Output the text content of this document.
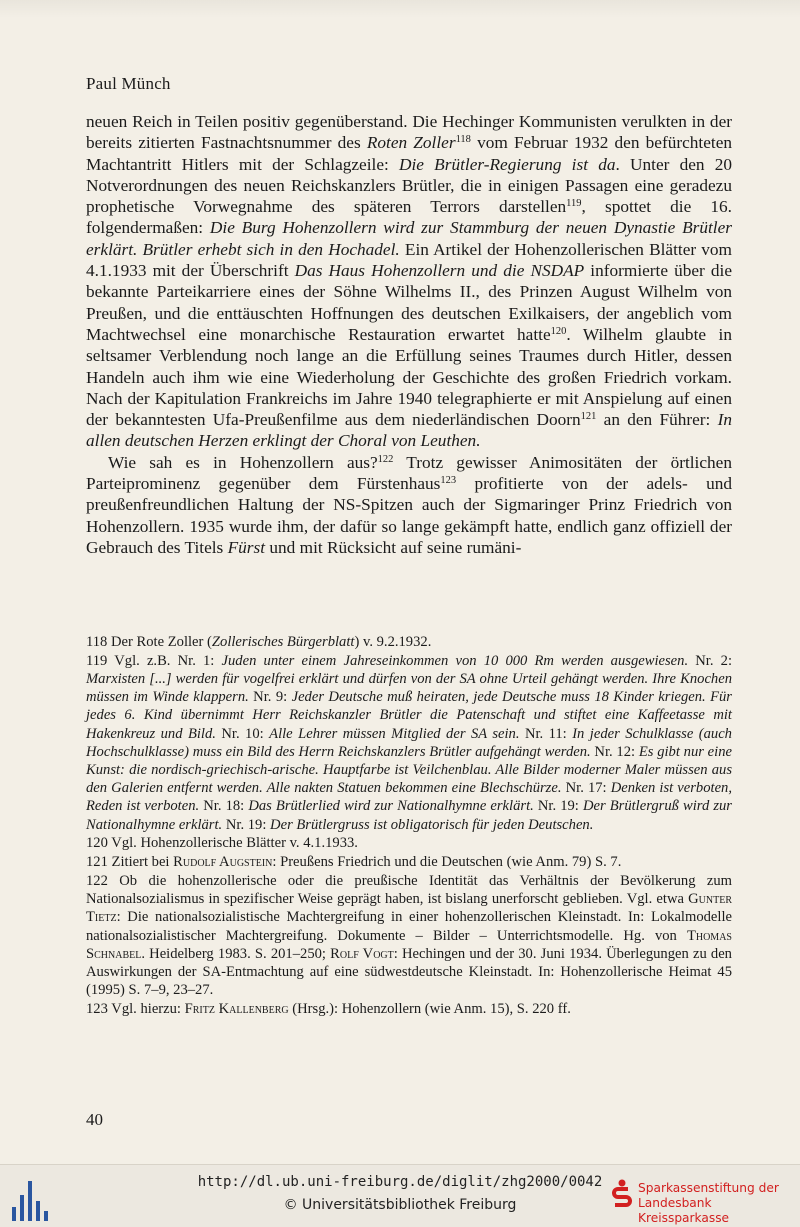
Paul Münch

neuen Reich in Teilen positiv gegenüberstand. Die Hechinger Kommunisten verulkten in der bereits zitierten Fastnachtsnummer des Roten Zoller$^{118}$ vom Februar 1932 den befürchteten Machtantritt Hitlers mit der Schlagzeile: Die Brütler-Regierung ist da. Unter den 20 Notverordnungen des neuen Reichskanzlers Brütler, die in einigen Passagen eine geradezu prophetische Vorwegnahme des späteren Terrors darstellen$^{119}$, spottet die 16. folgendermaßen: Die Burg Hohenzollern wird zur Stammburg der neuen Dynastie Brütler erklärt. Brütler erhebt sich in den Hochadel. Ein Artikel der Hohenzollerischen Blätter vom 4.1.1933 mit der Überschrift Das Haus Hohenzollern und die NSDAP informierte über die bekannte Parteikarriere eines der Söhne Wilhelms II., des Prinzen August Wilhelm von Preußen, und die enttäuschten Hoffnungen des deutschen Exilkaisers, der angeblich vom Machtwechsel eine monarchische Restauration erwartet hatte$^{120}$. Wilhelm glaubte in seltsamer Verblendung noch lange an die Erfüllung seines Traumes durch Hitler, dessen Handeln auch ihm wie eine Wiederholung der Geschichte des großen Friedrich vorkam. Nach der Kapitulation Frankreichs im Jahre 1940 telegraphierte er mit Anspielung auf einen der bekanntesten Ufa-Preußenfilme aus dem niederländischen Doorn$^{121}$ an den Führer: In allen deutschen Herzen erklingt der Choral von Leuthen.

Wie sah es in Hohenzollern aus?$^{122}$ Trotz gewisser Animositäten der örtlichen Parteiprominenz gegenüber dem Fürstenhaus$^{123}$ profitierte von der adels- und preußenfreundlichen Haltung der NS-Spitzen auch der Sigmaringer Prinz Friedrich von Hohenzollern. 1935 wurde ihm, der dafür so lange gekämpft hatte, endlich ganz offiziell der Gebrauch des Titels Fürst und mit Rücksicht auf seine rumäni-

118 Der Rote Zoller (Zollerisches Bürgerblatt) v. 9.2.1932.

119 Vgl. z.B. Nr. 1: Juden unter einem Jahreseinkommen von 10 000 Rm werden ausgewiesen. Nr. 2: Marxisten [...] werden für vogelfrei erklärt und dürfen von der SA ohne Urteil gehängt werden. Ihre Knochen müssen im Winde klappern. Nr. 9: Jeder Deutsche muß heiraten, jede Deutsche muss 18 Kinder kriegen. Für jedes 6. Kind übernimmt Herr Reichskanzler Brütler die Patenschaft und stiftet eine Kaffeetasse mit Hakenkreuz und Bild. Nr. 10: Alle Lehrer müssen Mitglied der SA sein. Nr. 11: In jeder Schulklasse (auch Hochschulklasse) muss ein Bild des Herrn Reichskanzlers Brütler aufgehängt werden. Nr. 12: Es gibt nur eine Kunst: die nordisch-griechisch-arische. Hauptfarbe ist Veilchenblau. Alle Bilder moderner Maler müssen aus den Galerien entfernt werden. Alle nakten Statuen bekommen eine Blechschürze. Nr. 17: Denken ist verboten, Reden ist verboten. Nr. 18: Das Brütlerlied wird zur Nationalhymne erklärt. Nr. 19: Der Brütlergruß wird zur Nationalhymne erklärt. Nr. 19: Der Brütlergruss ist obligatorisch für jeden Deutschen.

120 Vgl. Hohenzollerische Blätter v. 4.1.1933.

121 Zitiert bei Rudolf Augstein: Preußens Friedrich und die Deutschen (wie Anm. 79) S. 7.

122 Ob die hohenzollerische oder die preußische Identität das Verhältnis der Bevölkerung zum Nationalsozialismus in spezifischer Weise geprägt haben, ist bislang unerforscht geblieben. Vgl. etwa Gunter Tietz: Die nationalsozialistische Machtergreifung in einer hohenzollerischen Kleinstadt. In: Lokalmodelle nationalsozialistischer Machtergreifung. Dokumente – Bilder – Unterrichtsmodelle. Hg. von Thomas Schnabel. Heidelberg 1983. S. 201–250; Rolf Vogt: Hechingen und der 30. Juni 1934. Überlegungen zu den Auswirkungen der SA-Entmachtung auf eine südwestdeutsche Kleinstadt. In: Hohenzollerische Heimat 45 (1995) S. 7–9, 23–27.

123 Vgl. hierzu: Fritz Kallenberg (Hrsg.): Hohenzollern (wie Anm. 15), S. 220 ff.

40
http://dl.ub.uni-freiburg.de/diglit/zhg2000/0042
© Universitätsbibliothek Freiburg
Sparkassenstiftung der
Landesbank Kreissparkasse
